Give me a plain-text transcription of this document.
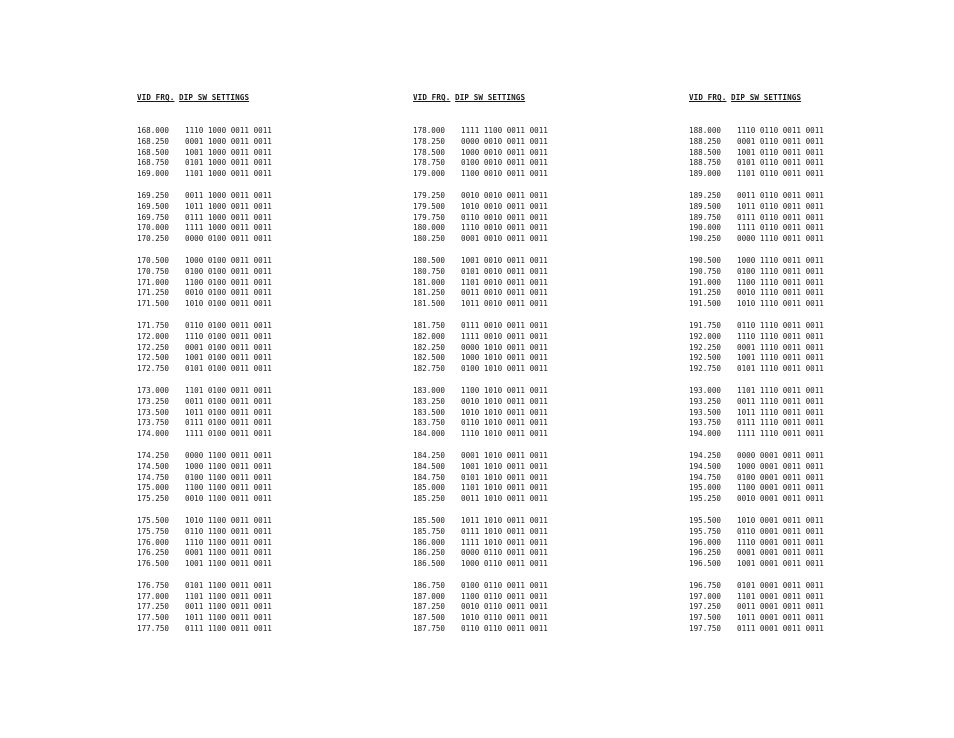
VID FRQ. DIP SW SETTINGS
168.000 1110 1000 0011 0011
168.250 0001 1000 0011 0011
168.500 1001 1000 0011 0011
168.750 0101 1000 0011 0011
169.000 1101 1000 0011 0011
169.250 0011 1000 0011 0011
169.500 1011 1000 0011 0011
169.750 0111 1000 0011 0011
170.000 1111 1000 0011 0011
170.250 0000 0100 0011 0011
170.500 1000 0100 0011 0011
170.750 0100 0100 0011 0011
171.000 1100 0100 0011 0011
171.250 0010 0100 0011 0011
171.500 1010 0100 0011 0011
171.750 0110 0100 0011 0011
172.000 1110 0100 0011 0011
172.250 0001 0100 0011 0011
172.500 1001 0100 0011 0011
172.750 0101 0100 0011 0011
173.000 1101 0100 0011 0011
173.250 0011 0100 0011 0011
173.500 1011 0100 0011 0011
173.750 0111 0100 0011 0011
174.000 1111 0100 0011 0011
174.250 0000 1100 0011 0011
174.500 1000 1100 0011 0011
174.750 0100 1100 0011 0011
175.000 1100 1100 0011 0011
175.250 0010 1100 0011 0011
175.500 1010 1100 0011 0011
175.750 0110 1100 0011 0011
176.000 1110 1100 0011 0011
176.250 0001 1100 0011 0011
176.500 1001 1100 0011 0011
176.750 0101 1100 0011 0011
177.000 1101 1100 0011 0011
177.250 0011 1100 0011 0011
177.500 1011 1100 0011 0011
177.750 0111 1100 0011 0011
VID FRQ. DIP SW SETTINGS
178.000 1111 1100 0011 0011
178.250 0000 0010 0011 0011
178.500 1000 0010 0011 0011
178.750 0100 0010 0011 0011
179.000 1100 0010 0011 0011
179.250 0010 0010 0011 0011
179.500 1010 0010 0011 0011
179.750 0110 0010 0011 0011
180.000 1110 0010 0011 0011
180.250 0001 0010 0011 0011
180.500 1001 0010 0011 0011
180.750 0101 0010 0011 0011
181.000 1101 0010 0011 0011
181.250 0011 0010 0011 0011
181.500 1011 0010 0011 0011
181.750 0111 0010 0011 0011
182.000 1111 0010 0011 0011
182.250 0000 1010 0011 0011
182.500 1000 1010 0011 0011
182.750 0100 1010 0011 0011
183.000 1100 1010 0011 0011
183.250 0010 1010 0011 0011
183.500 1010 1010 0011 0011
183.750 0110 1010 0011 0011
184.000 1110 1010 0011 0011
184.250 0001 1010 0011 0011
184.500 1001 1010 0011 0011
184.750 0101 1010 0011 0011
185.000 1101 1010 0011 0011
185.250 0011 1010 0011 0011
185.500 1011 1010 0011 0011
185.750 0111 1010 0011 0011
186.000 1111 1010 0011 0011
186.250 0000 0110 0011 0011
186.500 1000 0110 0011 0011
186.750 0100 0110 0011 0011
187.000 1100 0110 0011 0011
187.250 0010 0110 0011 0011
187.500 1010 0110 0011 0011
187.750 0110 0110 0011 0011
VID FRQ. DIP SW SETTINGS
188.000 1110 0110 0011 0011
188.250 0001 0110 0011 0011
188.500 1001 0110 0011 0011
188.750 0101 0110 0011 0011
189.000 1101 0110 0011 0011
189.250 0011 0110 0011 0011
189.500 1011 0110 0011 0011
189.750 0111 0110 0011 0011
190.000 1111 0110 0011 0011
190.250 0000 1110 0011 0011
190.500 1000 1110 0011 0011
190.750 0100 1110 0011 0011
191.000 1100 1110 0011 0011
191.250 0010 1110 0011 0011
191.500 1010 1110 0011 0011
191.750 0110 1110 0011 0011
192.000 1110 1110 0011 0011
192.250 0001 1110 0011 0011
192.500 1001 1110 0011 0011
192.750 0101 1110 0011 0011
193.000 1101 1110 0011 0011
193.250 0011 1110 0011 0011
193.500 1011 1110 0011 0011
193.750 0111 1110 0011 0011
194.000 1111 1110 0011 0011
194.250 0000 0001 0011 0011
194.500 1000 0001 0011 0011
194.750 0100 0001 0011 0011
195.000 1100 0001 0011 0011
195.250 0010 0001 0011 0011
195.500 1010 0001 0011 0011
195.750 0110 0001 0011 0011
196.000 1110 0001 0011 0011
196.250 0001 0001 0011 0011
196.500 1001 0001 0011 0011
196.750 0101 0001 0011 0011
197.000 1101 0001 0011 0011
197.250 0011 0001 0011 0011
197.500 1011 0001 0011 0011
197.750 0111 0001 0011 0011
